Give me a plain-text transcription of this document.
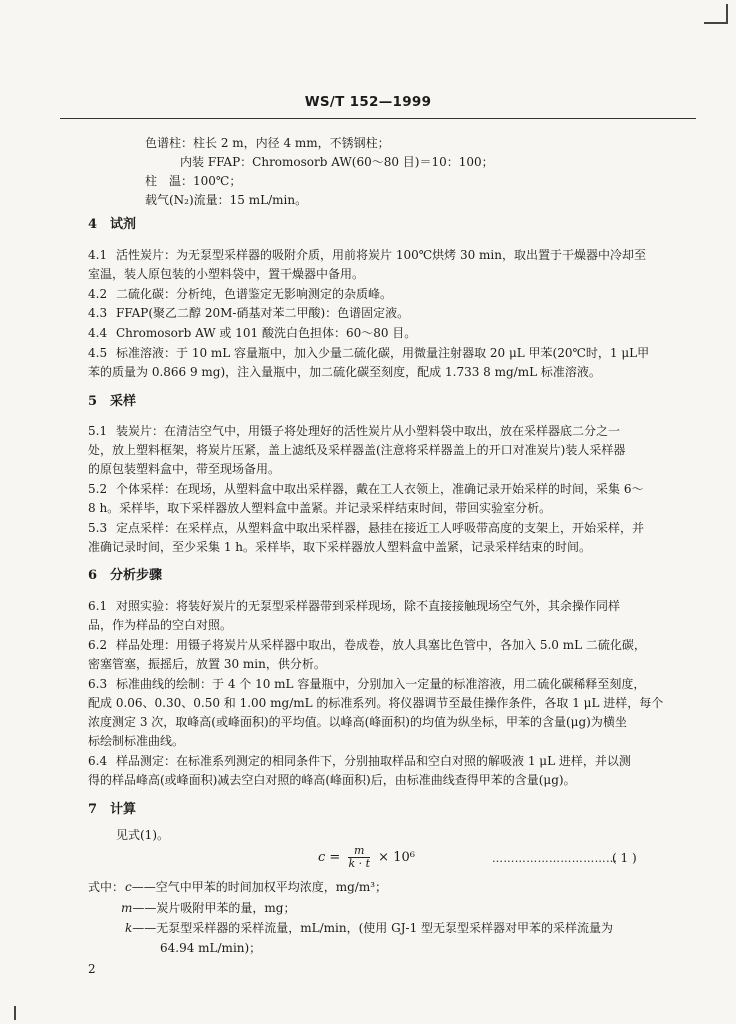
WS/T 152—1999
色谱柱：柱长 2 m，内径 4 mm，不锈钢柱；
内装 FFAP：Chromosorb AW(60～80 目)＝10：100；
柱　温：100℃；
载气(N₂)流量：15 mL/min。
4　试剂
4.1 活性炭片：为无泵型采样器的吸附介质，用前将炭片 100℃烘烤 30 min，取出置于干燥器中冷却至
室温，装人原包装的小塑料袋中，置干燥器中备用。
4.2 二硫化碳：分析纯，色谱鉴定无影响测定的杂质峰。
4.3 FFAP(聚乙二醇 20M-硝基对苯二甲酸)：色谱固定液。
4.4 Chromosorb AW 或 101 酸洗白色担体：60～80 目。
4.5 标准溶液：于 10 mL 容量瓶中，加入少量二硫化碳，用微量注射器取 20 μL 甲苯(20℃时，1 μL甲
苯的质量为 0.866 9 mg)，注入量瓶中，加二硫化碳至刻度，配成 1.733 8 mg/mL 标准溶液。
5　采样
5.1 装炭片：在清洁空气中，用镊子将处理好的活性炭片从小塑料袋中取出，放在采样器底二分之一
处，放上塑料框架，将炭片压紧，盖上滤纸及采样器盖(注意将采样器盖上的开口对准炭片)装人采样器
的原包装塑料盒中，带至现场备用。
5.2 个体采样：在现场，从塑料盒中取出采样器，戴在工人衣领上，准确记录开始采样的时间，采集 6～
8 h。采样毕，取下采样器放人塑料盒中盖紧。并记录采样结束时间，带回实验室分析。
5.3 定点采样：在采样点，从塑料盒中取出采样器，悬挂在接近工人呼吸带高度的支架上，开始采样，并
准确记录时间，至少采集 1 h。采样毕，取下采样器放人塑料盒中盖紧，记录采样结束的时间。
6　分析步骤
6.1 对照实验：将装好炭片的无泵型采样器带到采样现场，除不直接接触现场空气外，其余操作同样
品，作为样品的空白对照。
6.2 样品处理：用镊子将炭片从采样器中取出，卷成卷，放人具塞比色管中，各加入 5.0 mL 二硫化碳，
密塞管塞，振摇后，放置 30 min，供分析。
6.3 标准曲线的绘制：于 4 个 10 mL 容量瓶中，分别加入一定量的标准溶液，用二硫化碳稀释至刻度，
配成 0.06、0.30、0.50 和 1.00 mg/mL 的标准系列。将仪器调节至最佳操作条件，各取 1 μL 进样，每个
浓度测定 3 次，取峰高(或峰面积)的平均值。以峰高(峰面积)的均值为纵坐标，甲苯的含量(μg)为横坐
标绘制标准曲线。
6.4 样品测定：在标准系列测定的相同条件下，分别抽取样品和空白对照的解吸液 1 μL 进样，并以测
得的样品峰高(或峰面积)减去空白对照的峰高(峰面积)后，由标准曲线查得甲苯的含量(μg)。
7　计算
见式(1)。
$c = \frac{m}{k \cdot t} \times 10^6$	……………………………
( 1 )
式中： c——空气中甲苯的时间加权平均浓度，mg/m³；
m——炭片吸附甲苯的量，mg；
k——无泵型采样器的采样流量，mL/min，(使用 GJ-1 型无泵型采样器对甲苯的采样流量为
64.94 mL/min)；
2
